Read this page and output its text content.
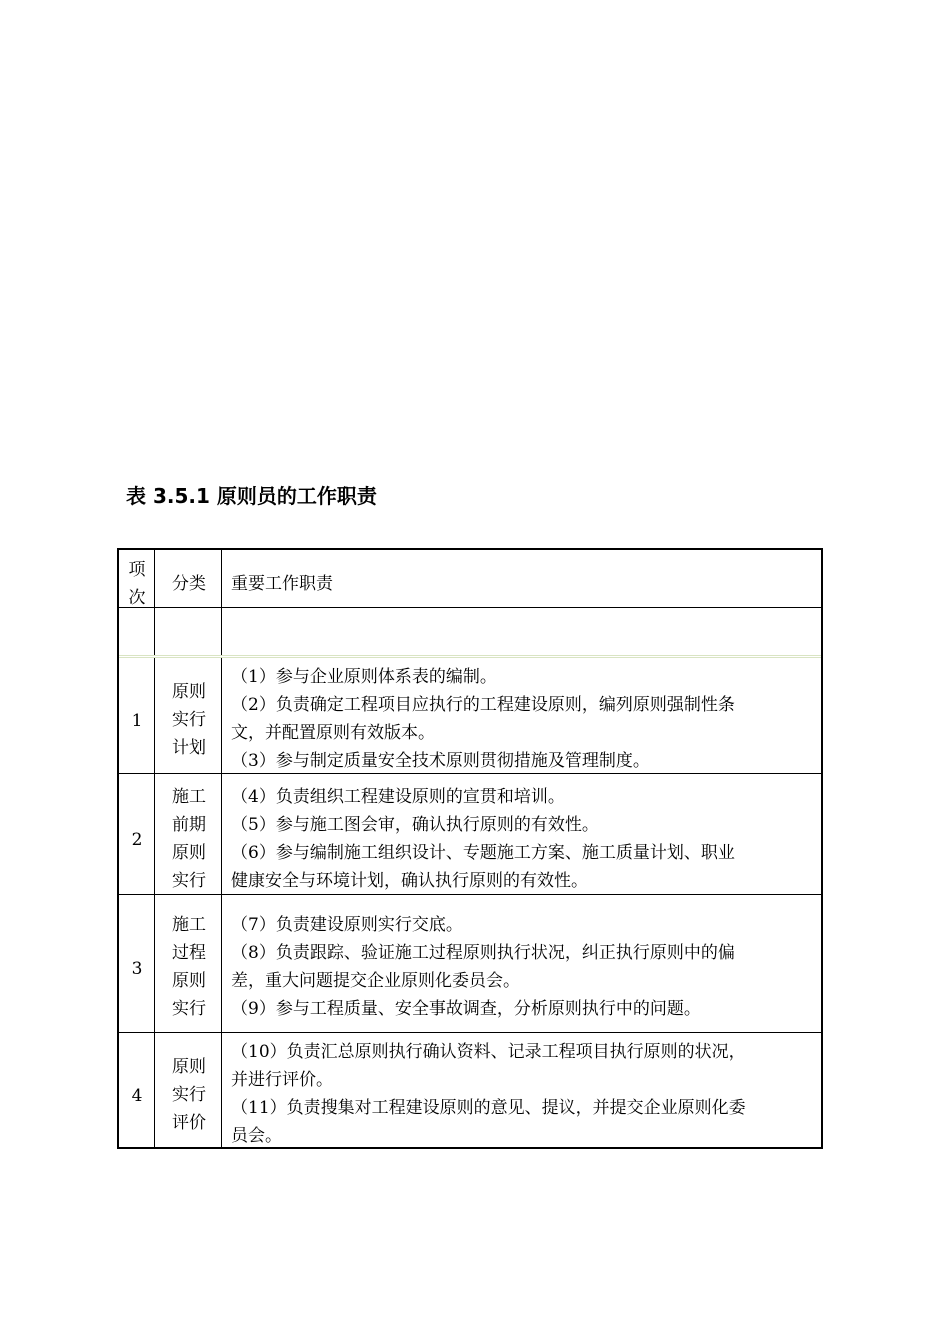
表 3.5.1 原则员的工作职责
项
次
分类	重要工作职责
1
原则
实行
计划
（1）参与企业原则体系表的编制。
（2）负责确定工程项目应执行的工程建设原则，编列原则强制性条
文，并配置原则有效版本。
（3）参与制定质量安全技术原则贯彻措施及管理制度。
2
施工
前期
原则
实行
（4）负责组织工程建设原则的宣贯和培训。
（5）参与施工图会审，确认执行原则的有效性。
（6）参与编制施工组织设计、专题施工方案、施工质量计划、职业
健康安全与环境计划，确认执行原则的有效性。
3
施工
过程
原则
实行
（7）负责建设原则实行交底。
（8）负责跟踪、验证施工过程原则执行状况，纠正执行原则中的偏
差，重大问题提交企业原则化委员会。
（9）参与工程质量、安全事故调查，分析原则执行中的问题。
4
原则
实行
评价
（10）负责汇总原则执行确认资料、记录工程项目执行原则的状况，
并进行评价。
（11）负责搜集对工程建设原则的意见、提议，并提交企业原则化委
员会。
